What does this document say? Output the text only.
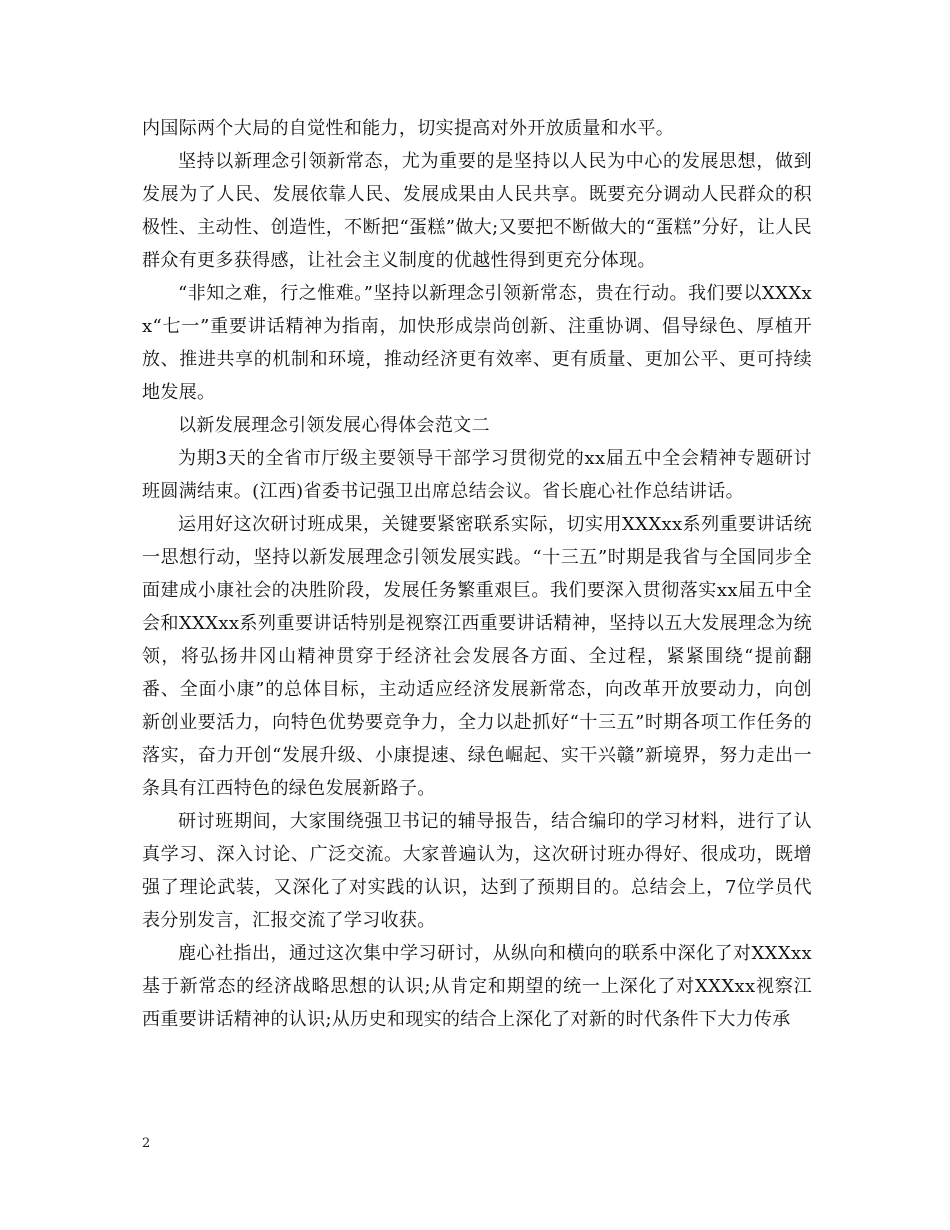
内国际两个大局的自觉性和能力，切实提高对外开放质量和水平。

坚持以新理念引领新常态，尤为重要的是坚持以人民为中心的发展思想，做到发展为了人民、发展依靠人民、发展成果由人民共享。既要充分调动人民群众的积极性、主动性、创造性，不断把“蛋糕”做大;又要把不断做大的“蛋糕”分好，让人民群众有更多获得感，让社会主义制度的优越性得到更充分体现。

“非知之难，行之惟难。”坚持以新理念引领新常态，贵在行动。我们要以XXXxx“七一”重要讲话精神为指南，加快形成崇尚创新、注重协调、倡导绿色、厚植开放、推进共享的机制和环境，推动经济更有效率、更有质量、更加公平、更可持续地发展。

以新发展理念引领发展心得体会范文二

为期3天的全省市厅级主要领导干部学习贯彻党的xx届五中全会精神专题研讨班圆满结束。(江西)省委书记强卫出席总结会议。省长鹿心社作总结讲话。

运用好这次研讨班成果，关键要紧密联系实际，切实用XXXxx系列重要讲话统一思想行动，坚持以新发展理念引领发展实践。“十三五”时期是我省与全国同步全面建成小康社会的决胜阶段，发展任务繁重艰巨。我们要深入贯彻落实xx届五中全会和XXXxx系列重要讲话特别是视察江西重要讲话精神，坚持以五大发展理念为统领，将弘扬井冈山精神贯穿于经济社会发展各方面、全过程，紧紧围绕“提前翻番、全面小康”的总体目标，主动适应经济发展新常态，向改革开放要动力，向创新创业要活力，向特色优势要竞争力，全力以赴抓好“十三五”时期各项工作任务的落实，奋力开创“发展升级、小康提速、绿色崛起、实干兴赣”新境界，努力走出一条具有江西特色的绿色发展新路子。

研讨班期间，大家围绕强卫书记的辅导报告，结合编印的学习材料，进行了认真学习、深入讨论、广泛交流。大家普遍认为，这次研讨班办得好、很成功，既增强了理论武装，又深化了对实践的认识，达到了预期目的。总结会上，7位学员代表分别发言，汇报交流了学习收获。

鹿心社指出，通过这次集中学习研讨，从纵向和横向的联系中深化了对XXXxx基于新常态的经济战略思想的认识;从肯定和期望的统一上深化了对XXXxx视察江西重要讲话精神的认识;从历史和现实的结合上深化了对新的时代条件下大力传承

2
